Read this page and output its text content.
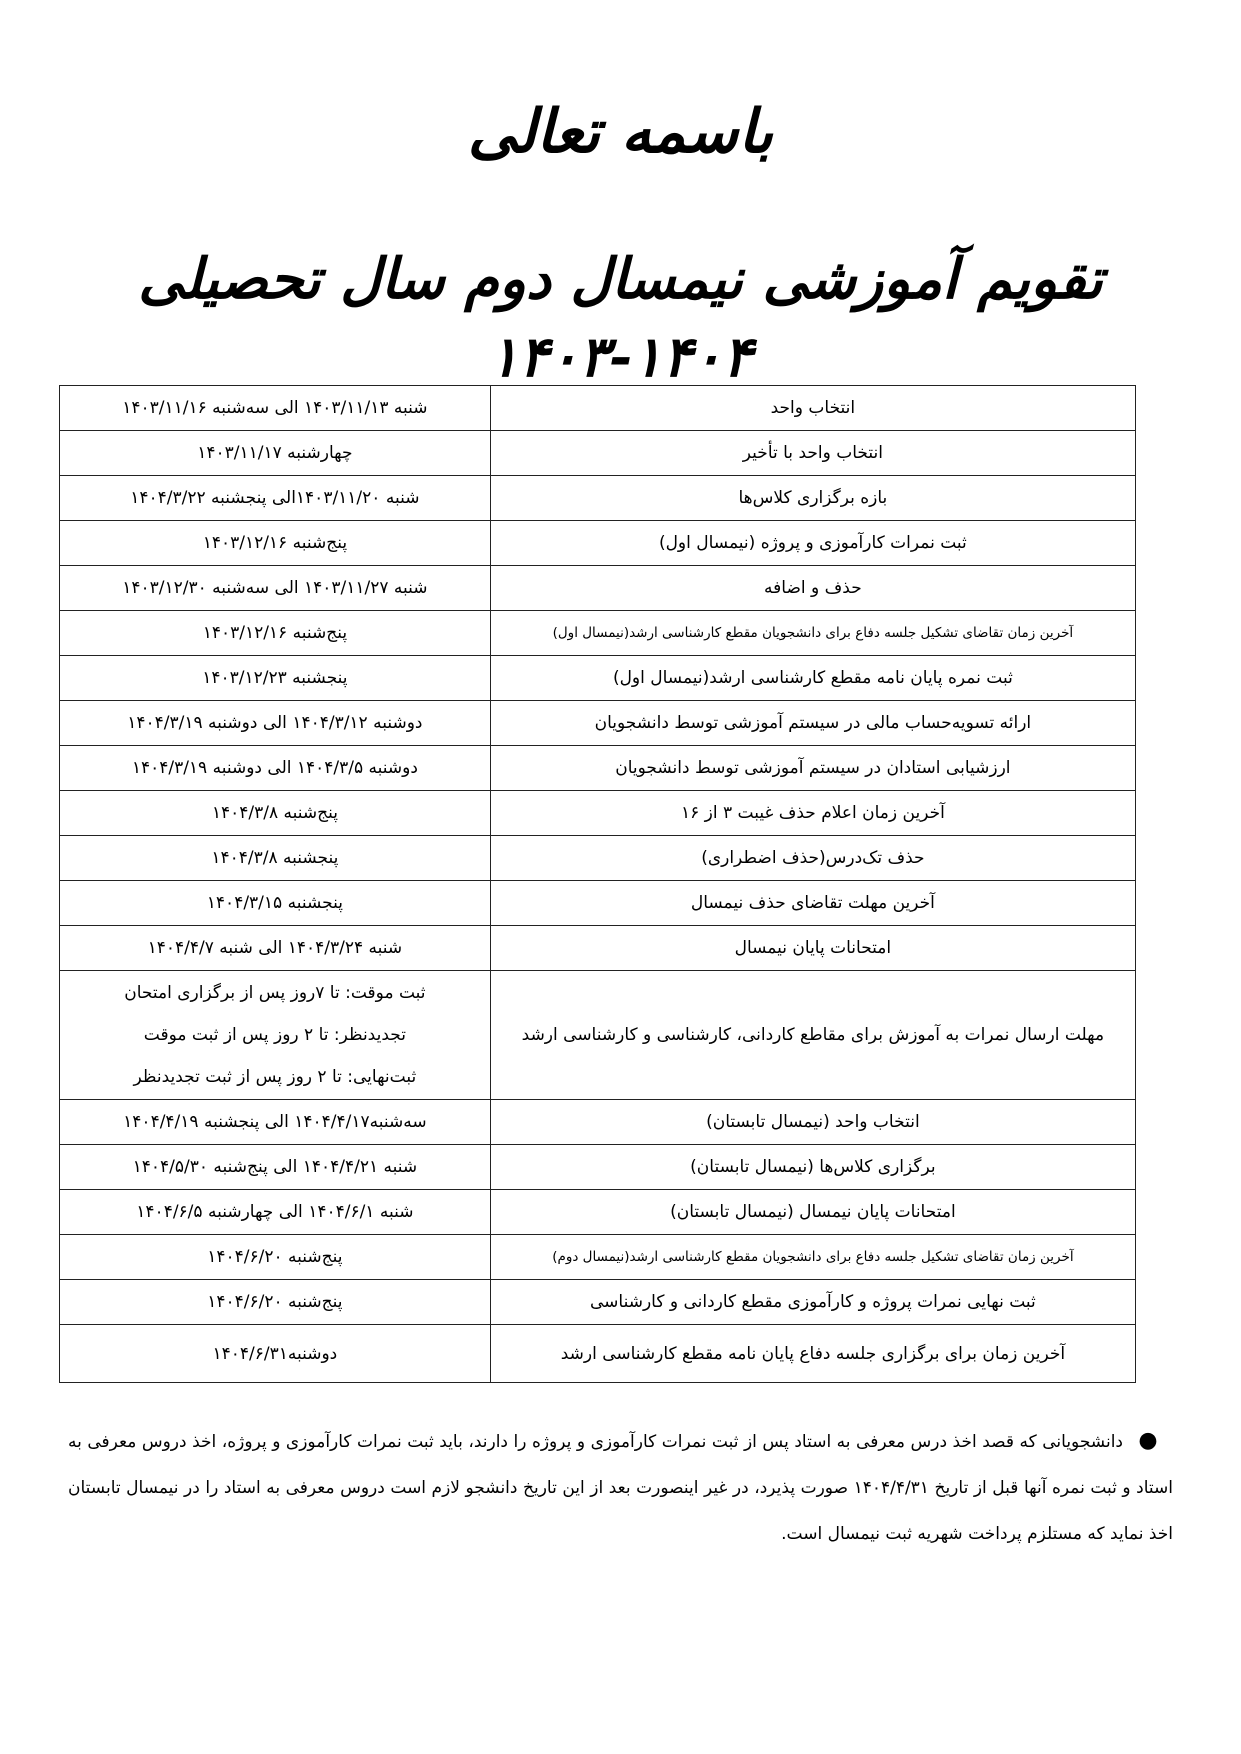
باسمه تعالی
تقویم آموزشی نیمسال دوم سال تحصیلی ۱۴۰۴-۱۴۰۳
انتخاب واحد	شنبه ۱۴۰۳/۱۱/۱۳ الی سه‌شنبه ۱۴۰۳/۱۱/۱۶
انتخاب واحد با تأخیر	چهارشنبه ۱۴۰۳/۱۱/۱۷
بازه برگزاری کلاس‌ها	شنبه ۱۴۰۳/۱۱/۲۰الی پنجشنبه ۱۴۰۴/۳/۲۲
ثبت نمرات کارآموزی و پروژه (نیمسال اول)	پنج‌شنبه ۱۴۰۳/۱۲/۱۶
حذف و اضافه	شنبه ۱۴۰۳/۱۱/۲۷ الی سه‌شنبه ۱۴۰۳/۱۲/۳۰
آخرین زمان تقاضای تشکیل جلسه دفاع برای دانشجویان مقطع کارشناسی ارشد(نیمسال اول)	پنج‌شنبه ۱۴۰۳/۱۲/۱۶
ثبت نمره پایان نامه مقطع کارشناسی ارشد(نیمسال اول)	پنجشنبه ۱۴۰۳/۱۲/۲۳
ارائه تسویه‌حساب مالی در سیستم آموزشی توسط دانشجویان	دوشنبه ۱۴۰۴/۳/۱۲ الی دوشنبه ۱۴۰۴/۳/۱۹
ارزشیابی استادان در سیستم آموزشی توسط دانشجویان	دوشنبه ۱۴۰۴/۳/۵ الی دوشنبه ۱۴۰۴/۳/۱۹
آخرین زمان اعلام حذف غیبت ۳ از ۱۶	پنج‌شنبه ۱۴۰۴/۳/۸
حذف تک‌درس(حذف اضطراری)	پنجشنبه ۱۴۰۴/۳/۸
آخرین مهلت تقاضای حذف نیمسال	پنجشنبه ۱۴۰۴/۳/۱۵
امتحانات پایان نیمسال	شنبه ۱۴۰۴/۳/۲۴ الی شنبه ۱۴۰۴/۴/۷
مهلت ارسال نمرات به آموزش برای مقاطع کاردانی، کارشناسی و کارشناسی ارشد	ثبت موقت: تا ۷روز پس از برگزاری امتحان
تجدیدنظر: تا ۲ روز پس از ثبت موقت
ثبت‌نهایی: تا ۲ روز پس از ثبت تجدیدنظر

انتخاب واحد (نیمسال تابستان)	سه‌شنبه۱۴۰۴/۴/۱۷ الی پنجشنبه ۱۴۰۴/۴/۱۹
برگزاری کلاس‌ها (نیمسال تابستان)	شنبه ۱۴۰۴/۴/۲۱ الی پنج‌شنبه ۱۴۰۴/۵/۳۰
امتحانات پایان نیمسال (نیمسال تابستان)	شنبه ۱۴۰۴/۶/۱ الی چهارشنبه ۱۴۰۴/۶/۵
آخرین زمان تقاضای تشکیل جلسه دفاع برای دانشجویان مقطع کارشناسی ارشد(نیمسال دوم)	پنج‌شنبه ۱۴۰۴/۶/۲۰
ثبت نهایی نمرات پروژه و کارآموزی مقطع کاردانی و کارشناسی	پنج‌شنبه ۱۴۰۴/۶/۲۰
آخرین زمان برای برگزاری جلسه دفاع پایان نامه مقطع کارشناسی ارشد	دوشنبه۱۴۰۴/۶/۳۱
●دانشجویانی که قصد اخذ درس معرفی به استاد پس از ثبت نمرات کارآموزی و پروژه را دارند، باید ثبت نمرات کارآموزی و پروژه، اخذ دروس معرفی به استاد و ثبت نمره آنها قبل از تاریخ ۱۴۰۴/۴/۳۱ صورت پذیرد، در غیر اینصورت بعد از این تاریخ دانشجو لازم است دروس معرفی به استاد را در نیمسال تابستان اخذ نماید که مستلزم پرداخت شهریه ثبت نیمسال است.
